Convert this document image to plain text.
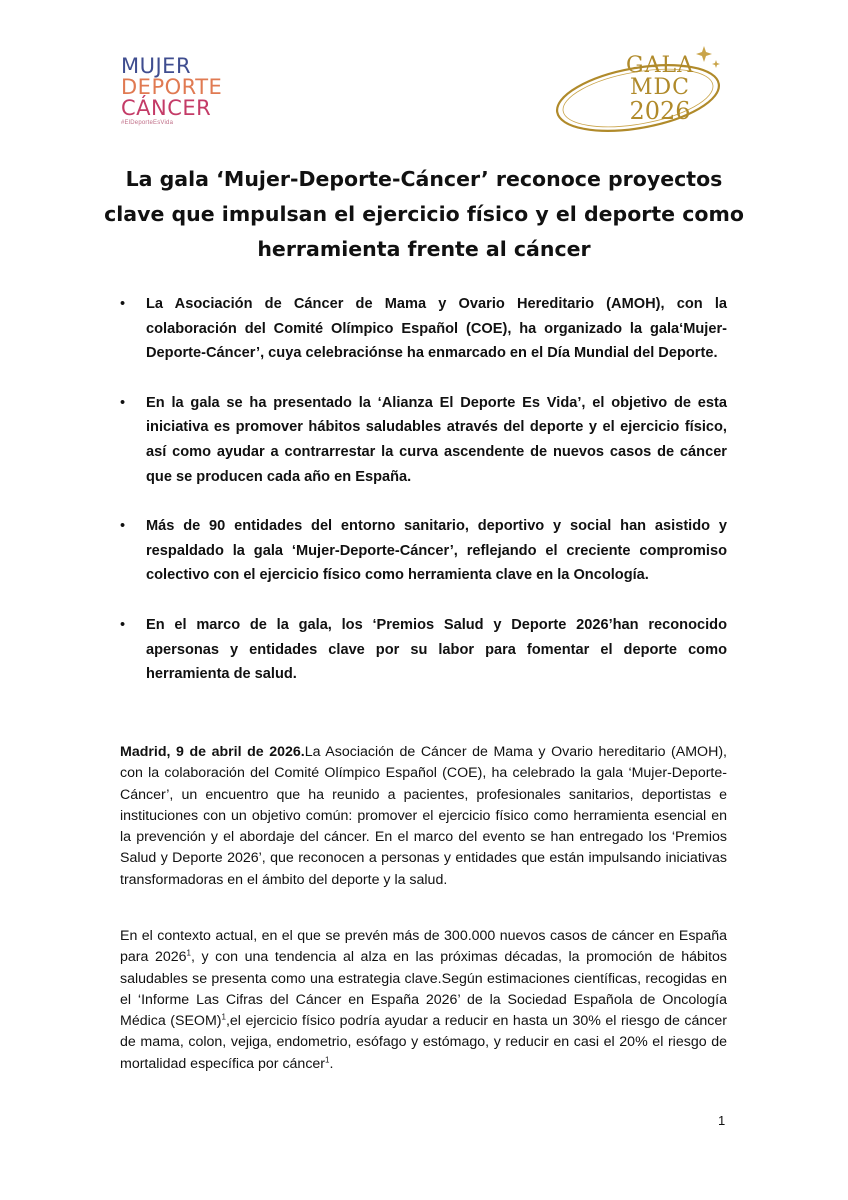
MUJER
DEPORTE
CÁNCER
#ElDeporteEsVida
GALA
MDC
2026
La gala ‘Mujer-Deporte-Cáncer’ reconoce proyectos clave que impulsan el ejercicio físico y el deporte como herramienta frente al cáncer
• La Asociación de Cáncer de Mama y Ovario Hereditario (AMOH), con la colaboración del Comité Olímpico Español (COE), ha organizado la gala‘Mujer-Deporte-Cáncer’, cuya celebraciónse ha enmarcado en el Día Mundial del Deporte.
• En la gala se ha presentado la ‘Alianza El Deporte Es Vida’, el objetivo de esta iniciativa es promover hábitos saludables através del deporte y el ejercicio físico, así como ayudar a contrarrestar la curva ascendente de nuevos casos de cáncer que se producen cada año en España.
• Más de 90 entidades del entorno sanitario, deportivo y social han asistido y respaldado la gala ‘Mujer-Deporte-Cáncer’, reflejando el creciente compromiso colectivo con el ejercicio físico como herramienta clave en la Oncología.
• En el marco de la gala, los ‘Premios Salud y Deporte 2026’han reconocido apersonas y entidades clave por su labor para fomentar el deporte como herramienta de salud.

Madrid, 9 de abril de 2026.La Asociación de Cáncer de Mama y Ovario hereditario (AMOH), con la colaboración del Comité Olímpico Español (COE), ha celebrado la gala ‘Mujer-Deporte-Cáncer’, un encuentro que ha reunido a pacientes, profesionales sanitarios, deportistas e instituciones con un objetivo común: promover el ejercicio físico como herramienta esencial en la prevención y el abordaje del cáncer. En el marco del evento se han entregado los ‘Premios Salud y Deporte 2026’, que reconocen a personas y entidades que están impulsando iniciativas transformadoras en el ámbito del deporte y la salud.

En el contexto actual, en el que se prevén más de 300.000 nuevos casos de cáncer en España para 2026$^1$, y con una tendencia al alza en las próximas décadas, la promoción de hábitos saludables se presenta como una estrategia clave.Según estimaciones científicas, recogidas en el ‘Informe Las Cifras del Cáncer en España 2026’ de la Sociedad Española de Oncología Médica (SEOM)$^1$,el ejercicio físico podría ayudar a reducir en hasta un 30% el riesgo de cáncer de mama, colon, vejiga, endometrio, esófago y estómago, y reducir en casi el 20% el riesgo de mortalidad específica por cáncer$^1$.

1
